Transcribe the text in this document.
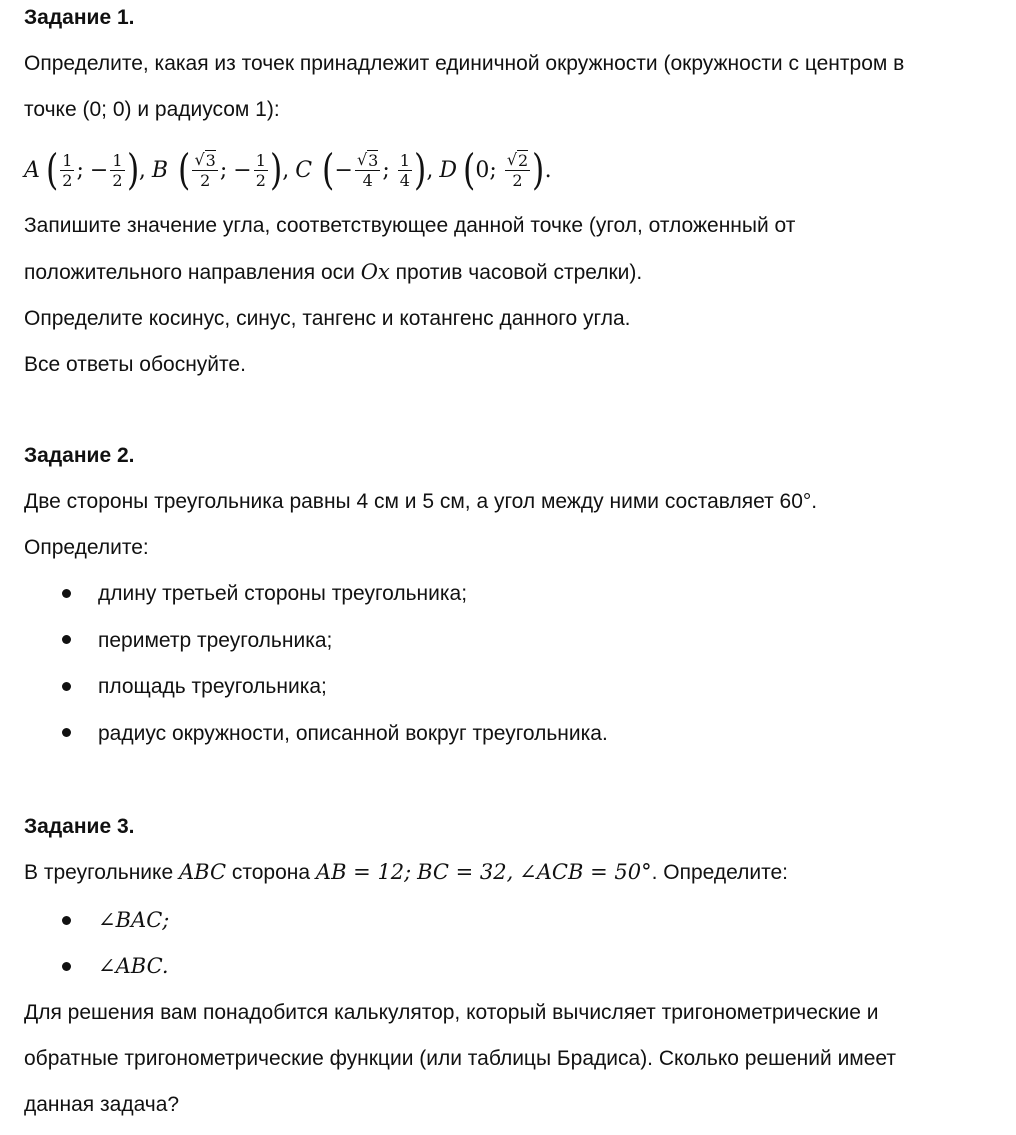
Задание 1.
Определите, какая из точек принадлежит единичной окружности (окружности с центром в
точке (0; 0) и радиусом 1):
A ( $\frac{1}{2}$ ; − $\frac{1}{2}$ ) , B ( $\frac{√ 3}{2}$ ; − $\frac{1}{2}$ ) , C ( − $\frac{√ 3}{4}$ ; $\frac{1}{4}$ ) , D ( 0; $\frac{√ 2}{2}$ ) .
Запишите значение угла, соответствующее данной точке (угол, отложенный от
положительного направления оси Ox против часовой стрелки).
Определите косинус, синус, тангенс и котангенс данного угла.
Все ответы обоснуйте.
Задание 2.
Две стороны треугольника равны 4 см и 5 см, а угол между ними составляет 60°.
Определите:
длину третьей стороны треугольника;
периметр треугольника;
площадь треугольника;
радиус окружности, описанной вокруг треугольника.
Задание 3.
В треугольнике ABC сторона AB = 12; BC = 32, ∠ACB = 50°. Определите:
∠BAC;
∠ABC.
Для решения вам понадобится калькулятор, который вычисляет тригонометрические и
обратные тригонометрические функции (или таблицы Брадиса). Сколько решений имеет
данная задача?
